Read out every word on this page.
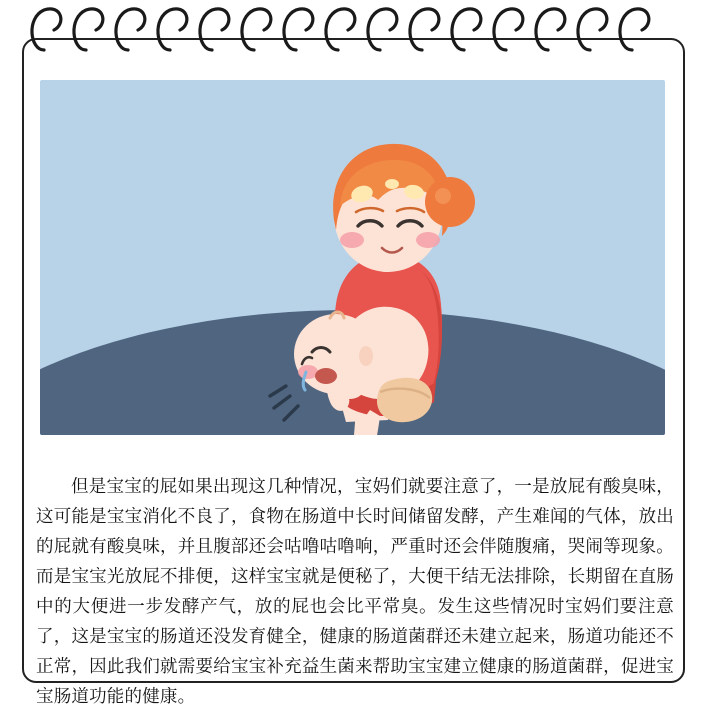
但是宝宝的屁如果出现这几种情况，宝妈们就要注意了，一是放屁有酸臭味，这可能是宝宝消化不良了，食物在肠道中长时间储留发酵，产生难闻的气体，放出的屁就有酸臭味，并且腹部还会咕噜咕噜响，严重时还会伴随腹痛，哭闹等现象。而是宝宝光放屁不排便，这样宝宝就是便秘了，大便干结无法排除，长期留在直肠中的大便进一步发酵产气，放的屁也会比平常臭。发生这些情况时宝妈们要注意了，这是宝宝的肠道还没发育健全，健康的肠道菌群还未建立起来，肠道功能还不正常，因此我们就需要给宝宝补充益生菌来帮助宝宝建立健康的肠道菌群，促进宝宝肠道功能的健康。
